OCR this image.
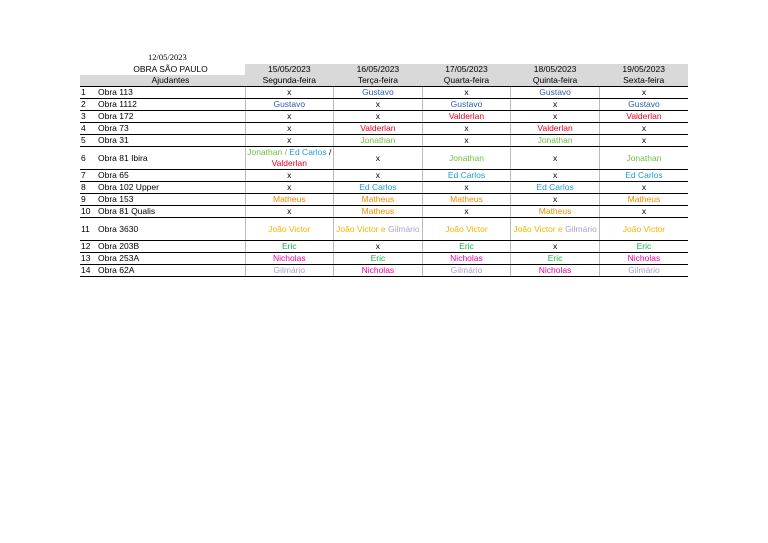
12/05/2023
	OBRA SÃO PAULO	15/05/2023	16/05/2023	17/05/2023	18/05/2023	19/05/2023
	Ajudantes	Segunda-feira	Terça-feira	Quarta-feira	Quinta-feira	Sexta-feira
1	Obra 113	x	Gustavo	x	Gustavo	x
2	Obra 1112	Gustavo	x	Gustavo	x	Gustavo
3	Obra 172	x	x	Valderlan	x	Valderlan
4	Obra 73	x	Valderlan	x	Valderlan	x
5	Obra 31	x	Jonathan	x	Jonathan	x
6	Obra 81 Ibira	Jonathan / Ed Carlos / Valderlan	x	Jonathan	x	Jonathan
7	Obra 65	x	x	Ed Carlos	x	Ed Carlos
8	Obra 102 Upper	x	Ed Carlos	x	Ed Carlos	x
9	Obra 153	Matheus	Matheus	Matheus	x	Matheus
10	Obra 81 Qualis	x	Matheus	x	Matheus	x
11	Obra 3630	João Victor	João Victor e Gilmário	João Victor	João Victor e Gilmário	João Victor
12	Obra 203B	Eric	x	Eric	x	Eric
13	Obra 253A	Nicholas	Eric	Nicholas	Eric	Nicholas
14	Obra 62A	Gilmário	Nicholas	Gilmário	Nicholas	Gilmário
